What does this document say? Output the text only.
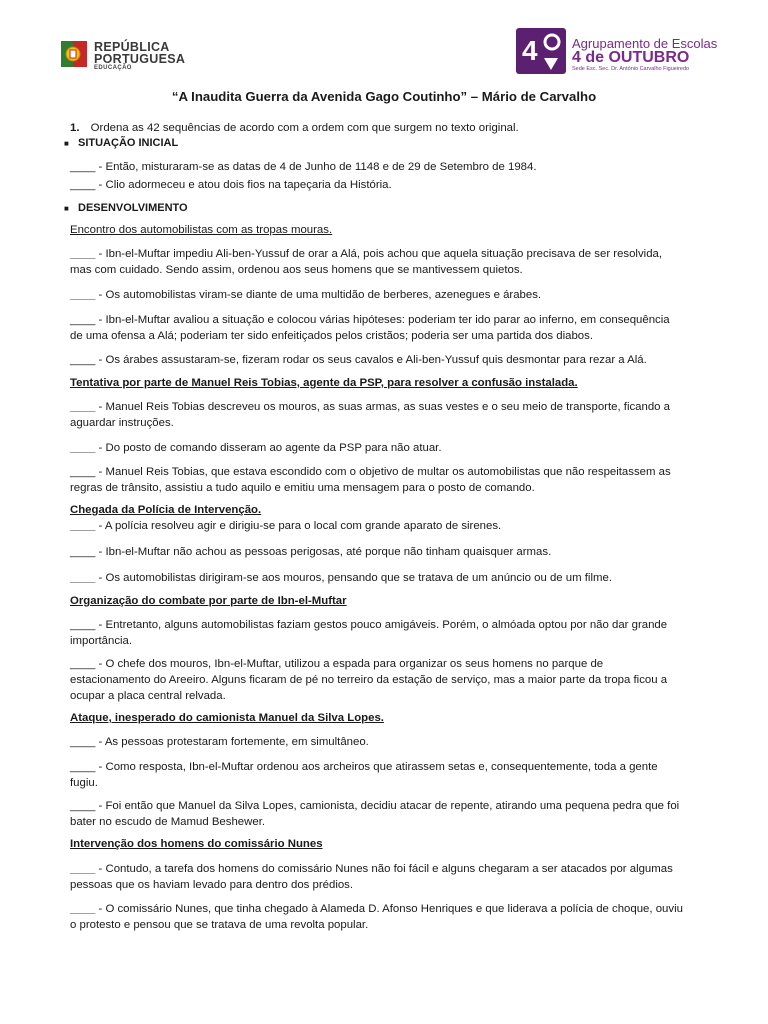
REPÚBLICA
PORTUGUESA
EDUCAÇÃO
4	Agrupamento de Escolas
4 de OUTUBRO
Sede Esc. Sec. Dr. António Carvalho Figueiredo
“A Inaudita Guerra da Avenida Gago Coutinho” – Mário de Carvalho
1. Ordena as 42 sequências de acordo com a ordem com que surgem no texto original.
■ SITUAÇÃO INICIAL
____ - Então, misturaram-se as datas de 4 de Junho de 1148 e de 29 de Setembro de 1984.
____ - Clio adormeceu e atou dois fios na tapeçaria da História.
■ DESENVOLVIMENTO
Encontro dos automobilistas com as tropas mouras.
____ - Ibn-el-Muftar impediu Ali-ben-Yussuf de orar a Alá, pois achou que aquela situação precisava de ser resolvida,
mas com cuidado. Sendo assim, ordenou aos seus homens que se mantivessem quietos.
____ - Os automobilistas viram-se diante de uma multidão de berberes, azenegues e árabes.
____ - Ibn-el-Muftar avaliou a situação e colocou várias hipóteses: poderiam ter ido parar ao inferno, em consequência
de uma ofensa a Alá; poderiam ter sido enfeitiçados pelos cristãos; poderia ser uma partida dos diabos.
____ - Os árabes assustaram-se, fizeram rodar os seus cavalos e Ali-ben-Yussuf quis desmontar para rezar a Alá.
Tentativa por parte de Manuel Reis Tobias, agente da PSP, para resolver a confusão instalada.
____ - Manuel Reis Tobias descreveu os mouros, as suas armas, as suas vestes e o seu meio de transporte, ficando a
aguardar instruções.
____ - Do posto de comando disseram ao agente da PSP para não atuar.
____ - Manuel Reis Tobias, que estava escondido com o objetivo de multar os automobilistas que não respeitassem as
regras de trânsito, assistiu a tudo aquilo e emitiu uma mensagem para o posto de comando.
Chegada da Polícia de Intervenção.
____ - A polícia resolveu agir e dirigiu-se para o local com grande aparato de sirenes.
____ - Ibn-el-Muftar não achou as pessoas perigosas, até porque não tinham quaisquer armas.
____ - Os automobilistas dirigiram-se aos mouros, pensando que se tratava de um anúncio ou de um filme.
Organização do combate por parte de Ibn-el-Muftar
____ - Entretanto, alguns automobilistas faziam gestos pouco amigáveis. Porém, o almóada optou por não dar grande
importância.
____ - O chefe dos mouros, Ibn-el-Muftar, utilizou a espada para organizar os seus homens no parque de
estacionamento do Areeiro. Alguns ficaram de pé no terreiro da estação de serviço, mas a maior parte da tropa ficou a
ocupar a placa central relvada.
Ataque, inesperado do camionista Manuel da Silva Lopes.
____ - As pessoas protestaram fortemente, em simultâneo.
____ - Como resposta, Ibn-el-Muftar ordenou aos archeiros que atirassem setas e, consequentemente, toda a gente
fugiu.
____ - Foi então que Manuel da Silva Lopes, camionista, decidiu atacar de repente, atirando uma pequena pedra que foi
bater no escudo de Mamud Beshewer.
Intervenção dos homens do comissário Nunes
____ - Contudo, a tarefa dos homens do comissário Nunes não foi fácil e alguns chegaram a ser atacados por algumas
pessoas que os haviam levado para dentro dos prédios.
____ - O comissário Nunes, que tinha chegado à Alameda D. Afonso Henriques e que liderava a polícia de choque, ouviu
o protesto e pensou que se tratava de uma revolta popular.
